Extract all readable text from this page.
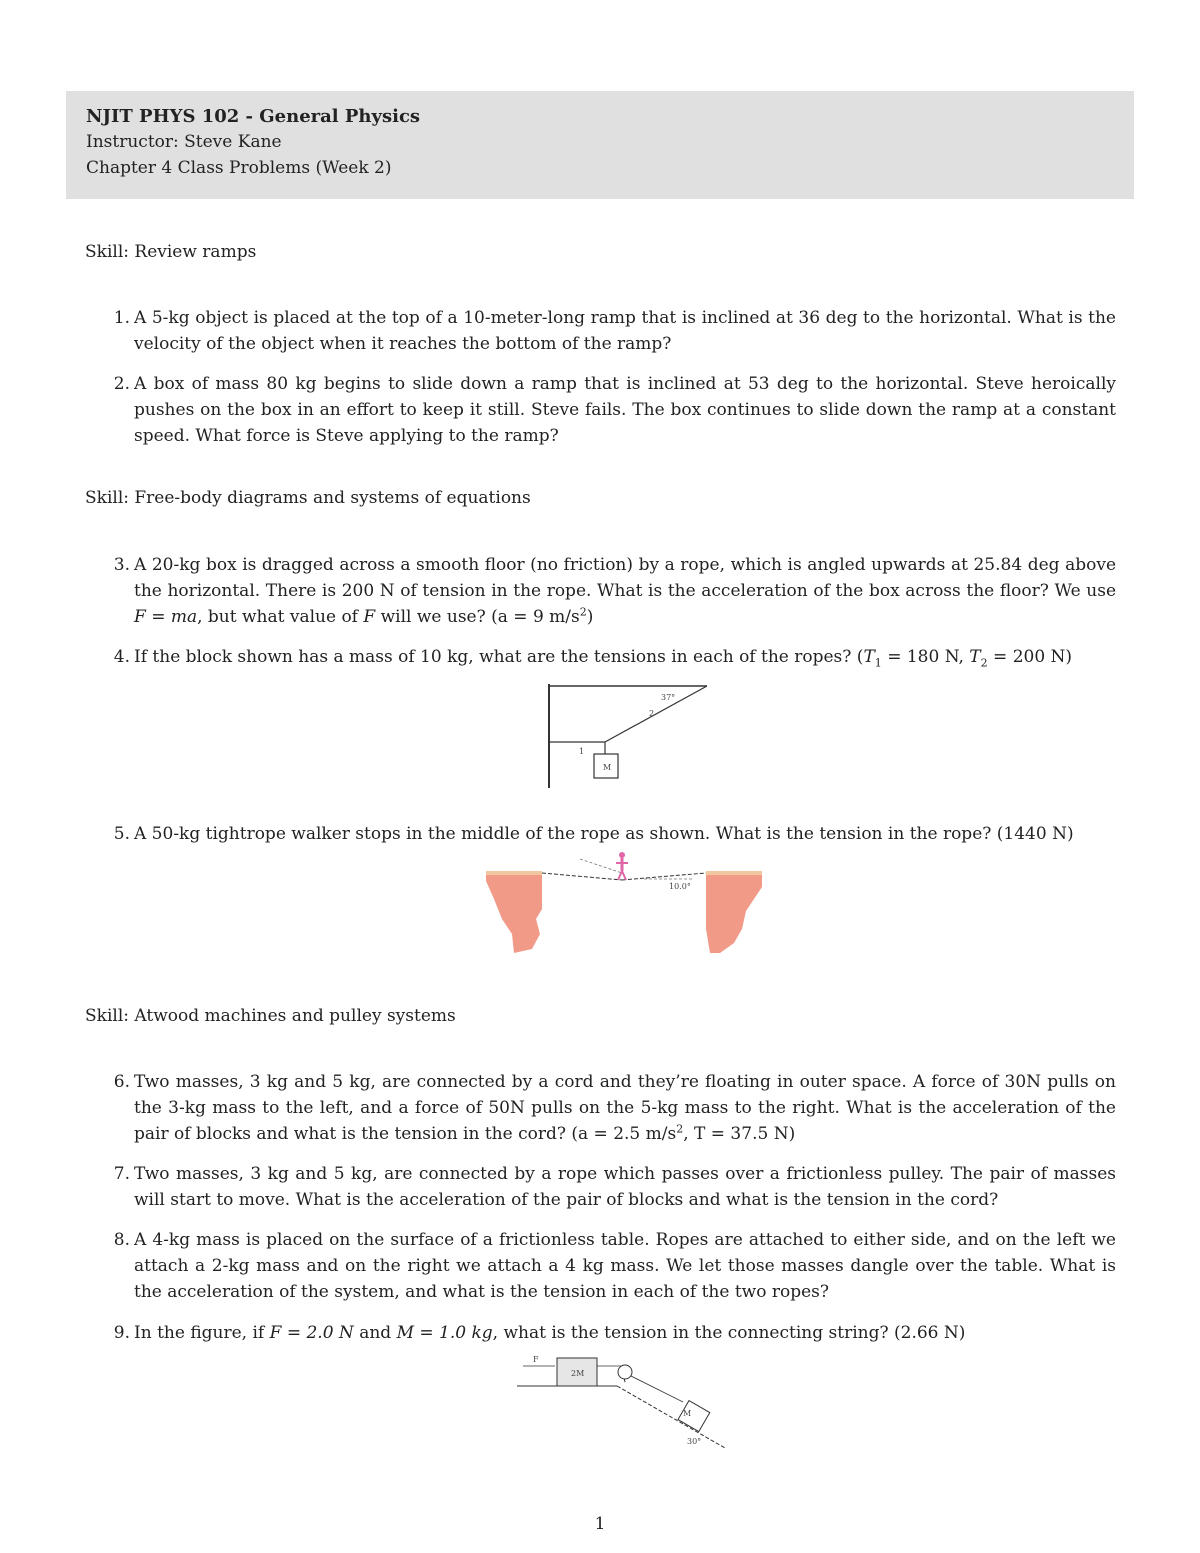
NJIT PHYS 102 - General Physics
Instructor: Steve Kane
Chapter 4 Class Problems (Week 2)
Skill: Review ramps
1. A 5-kg object is placed at the top of a 10-meter-long ramp that is inclined at 36 deg to the horizontal. What is the velocity of the object when it reaches the bottom of the ramp?
2. A box of mass 80 kg begins to slide down a ramp that is inclined at 53 deg to the horizontal. Steve heroically pushes on the box in an effort to keep it still. Steve fails. The box continues to slide down the ramp at a constant speed. What force is Steve applying to the ramp?
Skill: Free-body diagrams and systems of equations
3. A 20-kg box is dragged across a smooth floor (no friction) by a rope, which is angled upwards at 25.84 deg above the horizontal. There is 200 N of tension in the rope. What is the acceleration of the box across the floor? We use F = ma, but what value of F will we use? (a = 9 $m/s^2$)
4. If the block shown has a mass of 10 kg, what are the tensions in each of the ropes? ($T_1 = 180$ N, $T_2 = 200$ N)
37°
2
1
M
5. A 50-kg tightrope walker stops in the middle of the rope as shown. What is the tension in the rope? (1440 N)
10.0°
Skill: Atwood machines and pulley systems
6. Two masses, 3 kg and 5 kg, are connected by a cord and they’re floating in outer space. A force of 30N pulls on the 3-kg mass to the left, and a force of 50N pulls on the 5-kg mass to the right. What is the acceleration of the pair of blocks and what is the tension in the cord? (a = 2.5 $m/s^2$, T = 37.5 N)
7. Two masses, 3 kg and 5 kg, are connected by a rope which passes over a frictionless pulley. The pair of masses will start to move. What is the acceleration of the pair of blocks and what is the tension in the cord?
8. A 4-kg mass is placed on the surface of a frictionless table. Ropes are attached to either side, and on the left we attach a 2-kg mass and on the right we attach a 4 kg mass. We let those masses dangle over the table. What is the acceleration of the system, and what is the tension in each of the two ropes?
9. In the figure, if F = 2.0 N and M = 1.0 kg, what is the tension in the connecting string? (2.66 N)
F
2M
M
30°
1
